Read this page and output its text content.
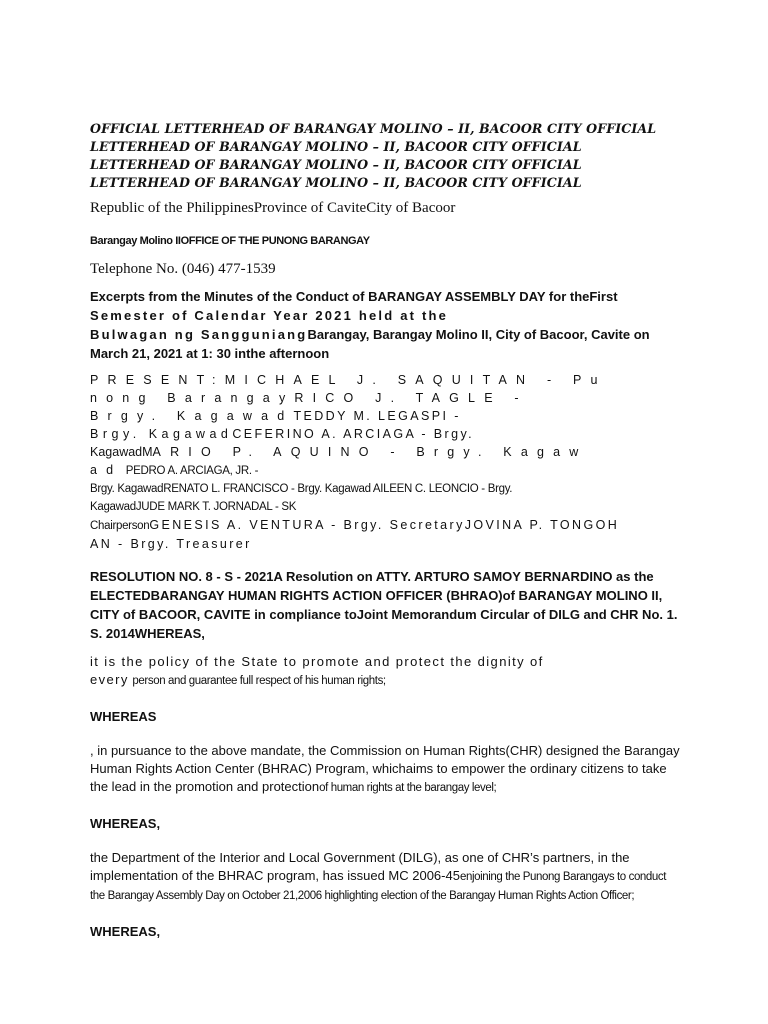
OFFICIAL LETTERHEAD OF BARANGAY MOLINO – II, BACOOR CITY OFFICIAL
LETTERHEAD OF BARANGAY MOLINO – II, BACOOR CITY OFFICIAL
LETTERHEAD OF BARANGAY MOLINO – II, BACOOR CITY OFFICIAL
LETTERHEAD OF BARANGAY MOLINO – II, BACOOR CITY OFFICIAL

Republic of the PhilippinesProvince of CaviteCity of Bacoor

Barangay Molino IIOFFICE OF THE PUNONG BARANGAY

Telephone No. (046) 477-1539

Excerpts from the Minutes of the Conduct of BARANGAY ASSEMBLY DAY for theFirst Semester of Calendar Year 2021 held at the
Bulwagan ng SangguniangBarangay, Barangay Molino II, City of Bacoor, Cavite on March 21, 2021 at 1: 30 inthe afternoon

PRESENT:MICHAEL J. SAQUITAN - Pu
nong BarangayRICO J. TAGLE -
Brgy. KagawadTEDDY M. LEGASPI -
Brgy. KagawadCEFERINO A. ARCIAGA - Brgy.
KagawadMARIO P. AQUINO - Brgy. Kagaw
ad PEDRO A. ARCIAGA, JR. -
Brgy. KagawadRENATO L. FRANCISCO - Brgy. Kagawad AILEEN C. LEONCIO - Brgy.
KagawadJUDE MARK T. JORNADAL - SK
ChairpersonGENESIS A. VENTURA - Brgy. SecretaryJOVINA P. TONGOH
AN - Brgy. Treasurer

RESOLUTION NO. 8 - S - 2021A Resolution on ATTY. ARTURO SAMOY BERNARDINO as the ELECTEDBARANGAY HUMAN RIGHTS ACTION OFFICER (BHRAO)of BARANGAY MOLINO II, CITY of BACOOR, CAVITE in compliance toJoint Memorandum Circular of DILG and CHR No. 1. S. 2014WHEREAS,

it is the policy of the State to promote and protect the dignity of
every person and guarantee full respect of his human rights;

WHEREAS

, in pursuance to the above mandate, the Commission on Human Rights(CHR) designed the Barangay Human Rights Action Center (BHRAC) Program, whichaims to empower the ordinary citizens to take the lead in the promotion and protectionof human rights at the barangay level;

WHEREAS,

the Department of the Interior and Local Government (DILG), as one of CHR’s partners, in the implementation of the BHRAC program, has issued MC 2006-45enjoining the Punong Barangays to conduct the Barangay Assembly Day on October 21,2006 highlighting election of the Barangay Human Rights Action Officer;

WHEREAS,
